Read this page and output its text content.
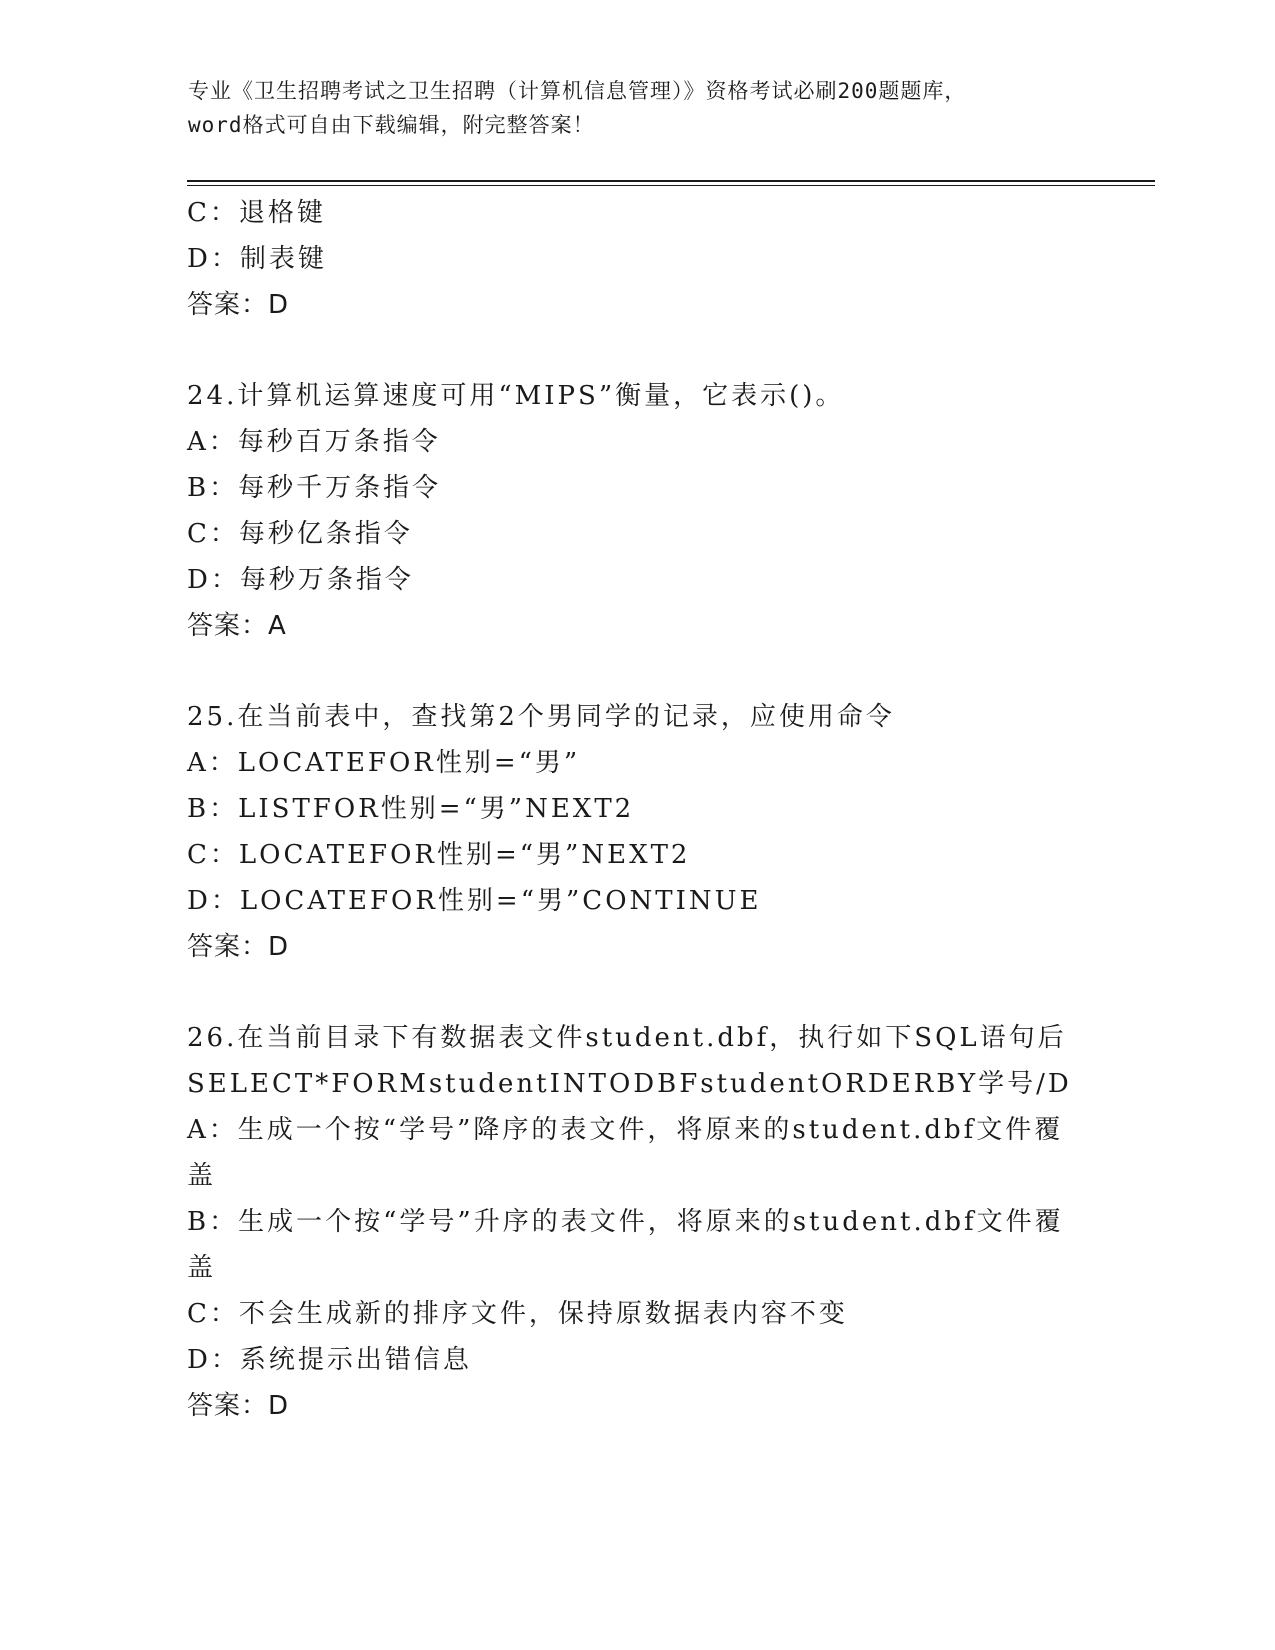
专业《卫生招聘考试之卫生招聘（计算机信息管理）》资格考试必刷200题题库，
word格式可自由下载编辑，附完整答案！

C：退格键

D：制表键

答案：D

24.计算机运算速度可用“MIPS”衡量，它表示()。

A：每秒百万条指令

B：每秒千万条指令

C：每秒亿条指令

D：每秒万条指令

答案：A

25.在当前表中，查找第2个男同学的记录，应使用命令

A：LOCATEFOR性别=“男”

B：LISTFOR性别=“男”NEXT2

C：LOCATEFOR性别=“男”NEXT2

D：LOCATEFOR性别=“男”CONTINUE

答案：D

26.在当前目录下有数据表文件student.dbf，执行如下SQL语句后

SELECT*FORMstudentINTODBFstudentORDERBY学号/D

A：生成一个按“学号”降序的表文件，将原来的student.dbf文件覆

盖

B：生成一个按“学号”升序的表文件，将原来的student.dbf文件覆

盖

C：不会生成新的排序文件，保持原数据表内容不变

D：系统提示出错信息

答案：D
